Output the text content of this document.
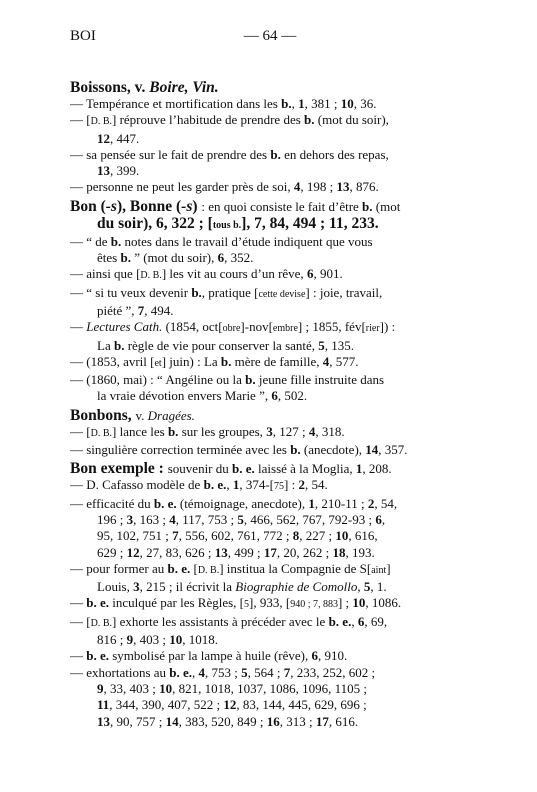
BOI	— 64 —
Boissons, v. Boire, Vin.
— Tempérance et mortification dans les b., 1, 381 ; 10, 36.
— [D. B.] réprouve l’habitude de prendre des b. (mot du soir),
12, 447.
— sa pensée sur le fait de prendre des b. en dehors des repas,
13, 399.
— personne ne peut les garder près de soi, 4, 198 ; 13, 876.
Bon (-s), Bonne (-s) : en quoi consiste le fait d’être b. (mot
du soir), 6, 322 ; [tous b.], 7, 84, 494 ; 11, 233.
— “ de b. notes dans le travail d’étude indiquent que vous
êtes b. ” (mot du soir), 6, 352.
— ainsi que [D. B.] les vit au cours d’un rêve, 6, 901.
— “ si tu veux devenir b., pratique [cette devise] : joie, travail,
piété ”, 7, 494.
— Lectures Cath. (1854, oct[obre]-nov[embre] ; 1855, fév[rier]) :
La b. règle de vie pour conserver la santé, 5, 135.
— (1853, avril [et] juin) : La b. mère de famille, 4, 577.
— (1860, mai) : “ Angéline ou la b. jeune fille instruite dans
la vraie dévotion envers Marie ”, 6, 502.
Bonbons, v. Dragées.
— [D. B.] lance les b. sur les groupes, 3, 127 ; 4, 318.
— singulière correction terminée avec les b. (anecdote), 14, 357.
Bon exemple : souvenir du b. e. laissé à la Moglia, 1, 208.
— D. Cafasso modèle de b. e., 1, 374-[75] : 2, 54.
— efficacité du b. e. (témoignage, anecdote), 1, 210-11 ; 2, 54,
196 ; 3, 163 ; 4, 117, 753 ; 5, 466, 562, 767, 792-93 ; 6,
95, 102, 751 ; 7, 556, 602, 761, 772 ; 8, 227 ; 10, 616,
629 ; 12, 27, 83, 626 ; 13, 499 ; 17, 20, 262 ; 18, 193.
— pour former au b. e. [D. B.] institua la Compagnie de S[aint]
Louis, 3, 215 ; il écrivit la Biographie de Comollo, 5, 1.
— b. e. inculqué par les Règles, [5], 933, [940 ; 7, 883] ; 10, 1086.
— [D. B.] exhorte les assistants à précéder avec le b. e., 6, 69,
816 ; 9, 403 ; 10, 1018.
— b. e. symbolisé par la lampe à huile (rêve), 6, 910.
— exhortations au b. e., 4, 753 ; 5, 564 ; 7, 233, 252, 602 ;
9, 33, 403 ; 10, 821, 1018, 1037, 1086, 1096, 1105 ;
11, 344, 390, 407, 522 ; 12, 83, 144, 445, 629, 696 ;
13, 90, 757 ; 14, 383, 520, 849 ; 16, 313 ; 17, 616.
